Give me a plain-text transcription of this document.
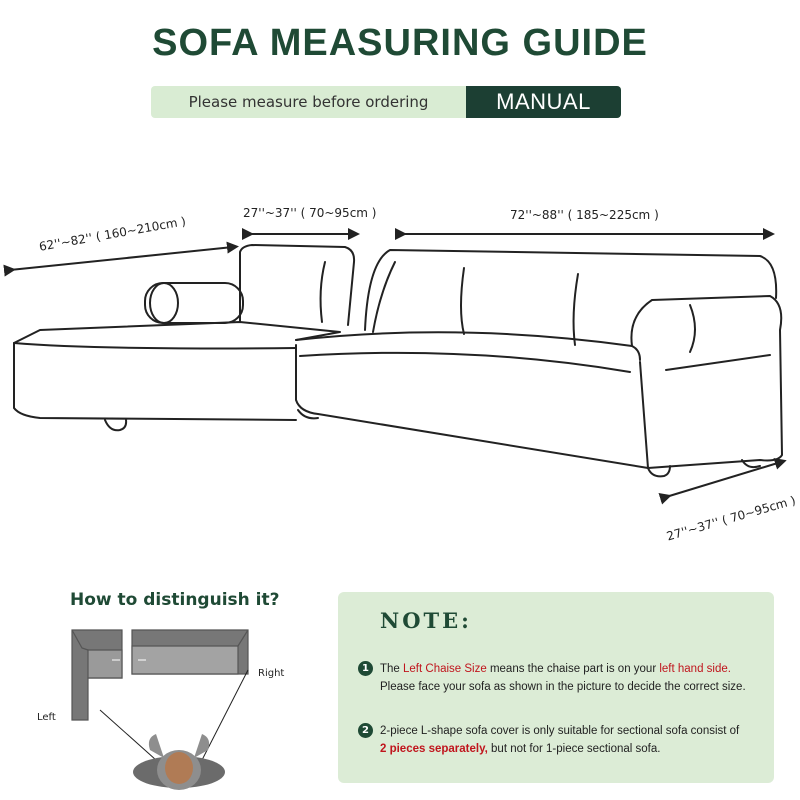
SOFA MEASURING GUIDE
Please measure before ordering	MANUAL
62''~82'' ( 160~210cm )
27''~37'' ( 70~95cm )	72''~88'' ( 185~225cm )
27''~37'' ( 70~95cm )
How to distinguish it?
Left
Right
NOTE:
1 The Left Chaise Size means the chaise part is on your left hand side.
Please face your sofa as shown in the picture to decide the correct size.
2 2-piece L-shape sofa cover is only suitable for sectional sofa consist of
2 pieces separately, but not for 1-piece sectional sofa.
